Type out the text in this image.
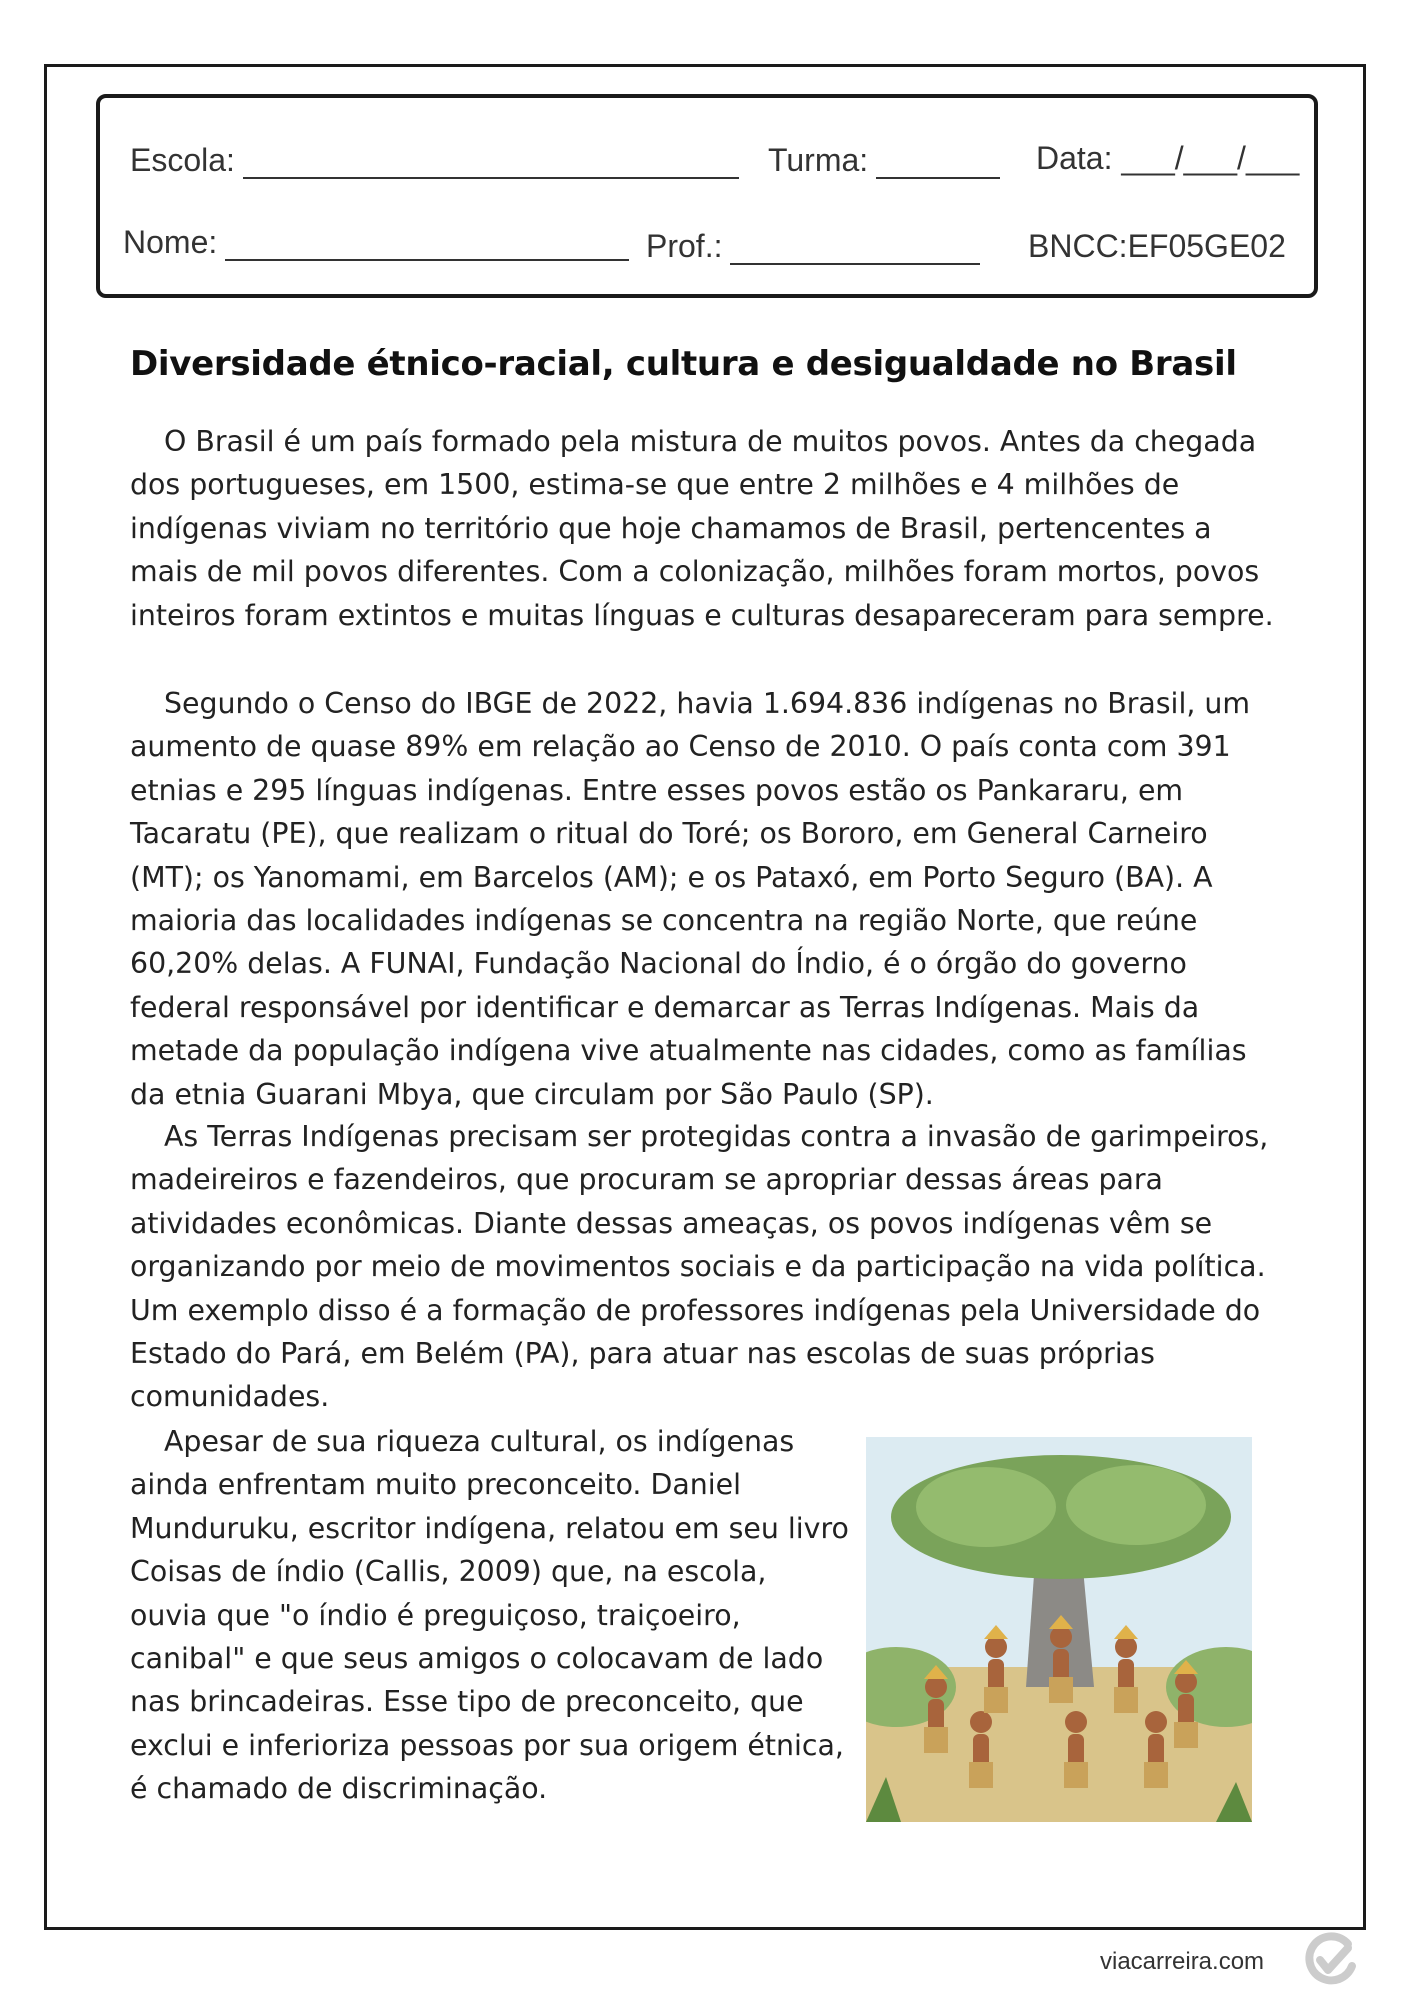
Escola:	Turma:	Data: ___/___/___
Nome:	Prof.:	BNCC:EF05GE02
Diversidade étnico-racial, cultura e desigualdade no Brasil

O Brasil é um país formado pela mistura de muitos povos. Antes da chegada dos portugueses, em 1500, estima-se que entre 2 milhões e 4 milhões de indígenas viviam no território que hoje chamamos de Brasil, pertencentes a mais de mil povos diferentes. Com a colonização, milhões foram mortos, povos inteiros foram extintos e muitas línguas e culturas desapareceram para sempre.

Segundo o Censo do IBGE de 2022, havia 1.694.836 indígenas no Brasil, um aumento de quase 89% em relação ao Censo de 2010. O país conta com 391 etnias e 295 línguas indígenas. Entre esses povos estão os Pankararu, em Tacaratu (PE), que realizam o ritual do Toré; os Bororo, em General Carneiro (MT); os Yanomami, em Barcelos (AM); e os Pataxó, em Porto Seguro (BA). A maioria das localidades indígenas se concentra na região Norte, que reúne 60,20% delas. A FUNAI, Fundação Nacional do Índio, é o órgão do governo federal responsável por identificar e demarcar as Terras Indígenas. Mais da metade da população indígena vive atualmente nas cidades, como as famílias da etnia Guarani Mbya, que circulam por São Paulo (SP).

As Terras Indígenas precisam ser protegidas contra a invasão de garimpeiros, madeireiros e fazendeiros, que procuram se apropriar dessas áreas para atividades econômicas. Diante dessas ameaças, os povos indígenas vêm se organizando por meio de movimentos sociais e da participação na vida política. Um exemplo disso é a formação de professores indígenas pela Universidade do Estado do Pará, em Belém (PA), para atuar nas escolas de suas próprias comunidades.

Apesar de sua riqueza cultural, os indígenas ainda enfrentam muito preconceito. Daniel Munduruku, escritor indígena, relatou em seu livro Coisas de índio (Callis, 2009) que, na escola, ouvia que "o índio é preguiçoso, traiçoeiro, canibal" e que seus amigos o colocavam de lado nas brincadeiras. Esse tipo de preconceito, que exclui e inferioriza pessoas por sua origem étnica, é chamado de discriminação.

viacarreira.com
